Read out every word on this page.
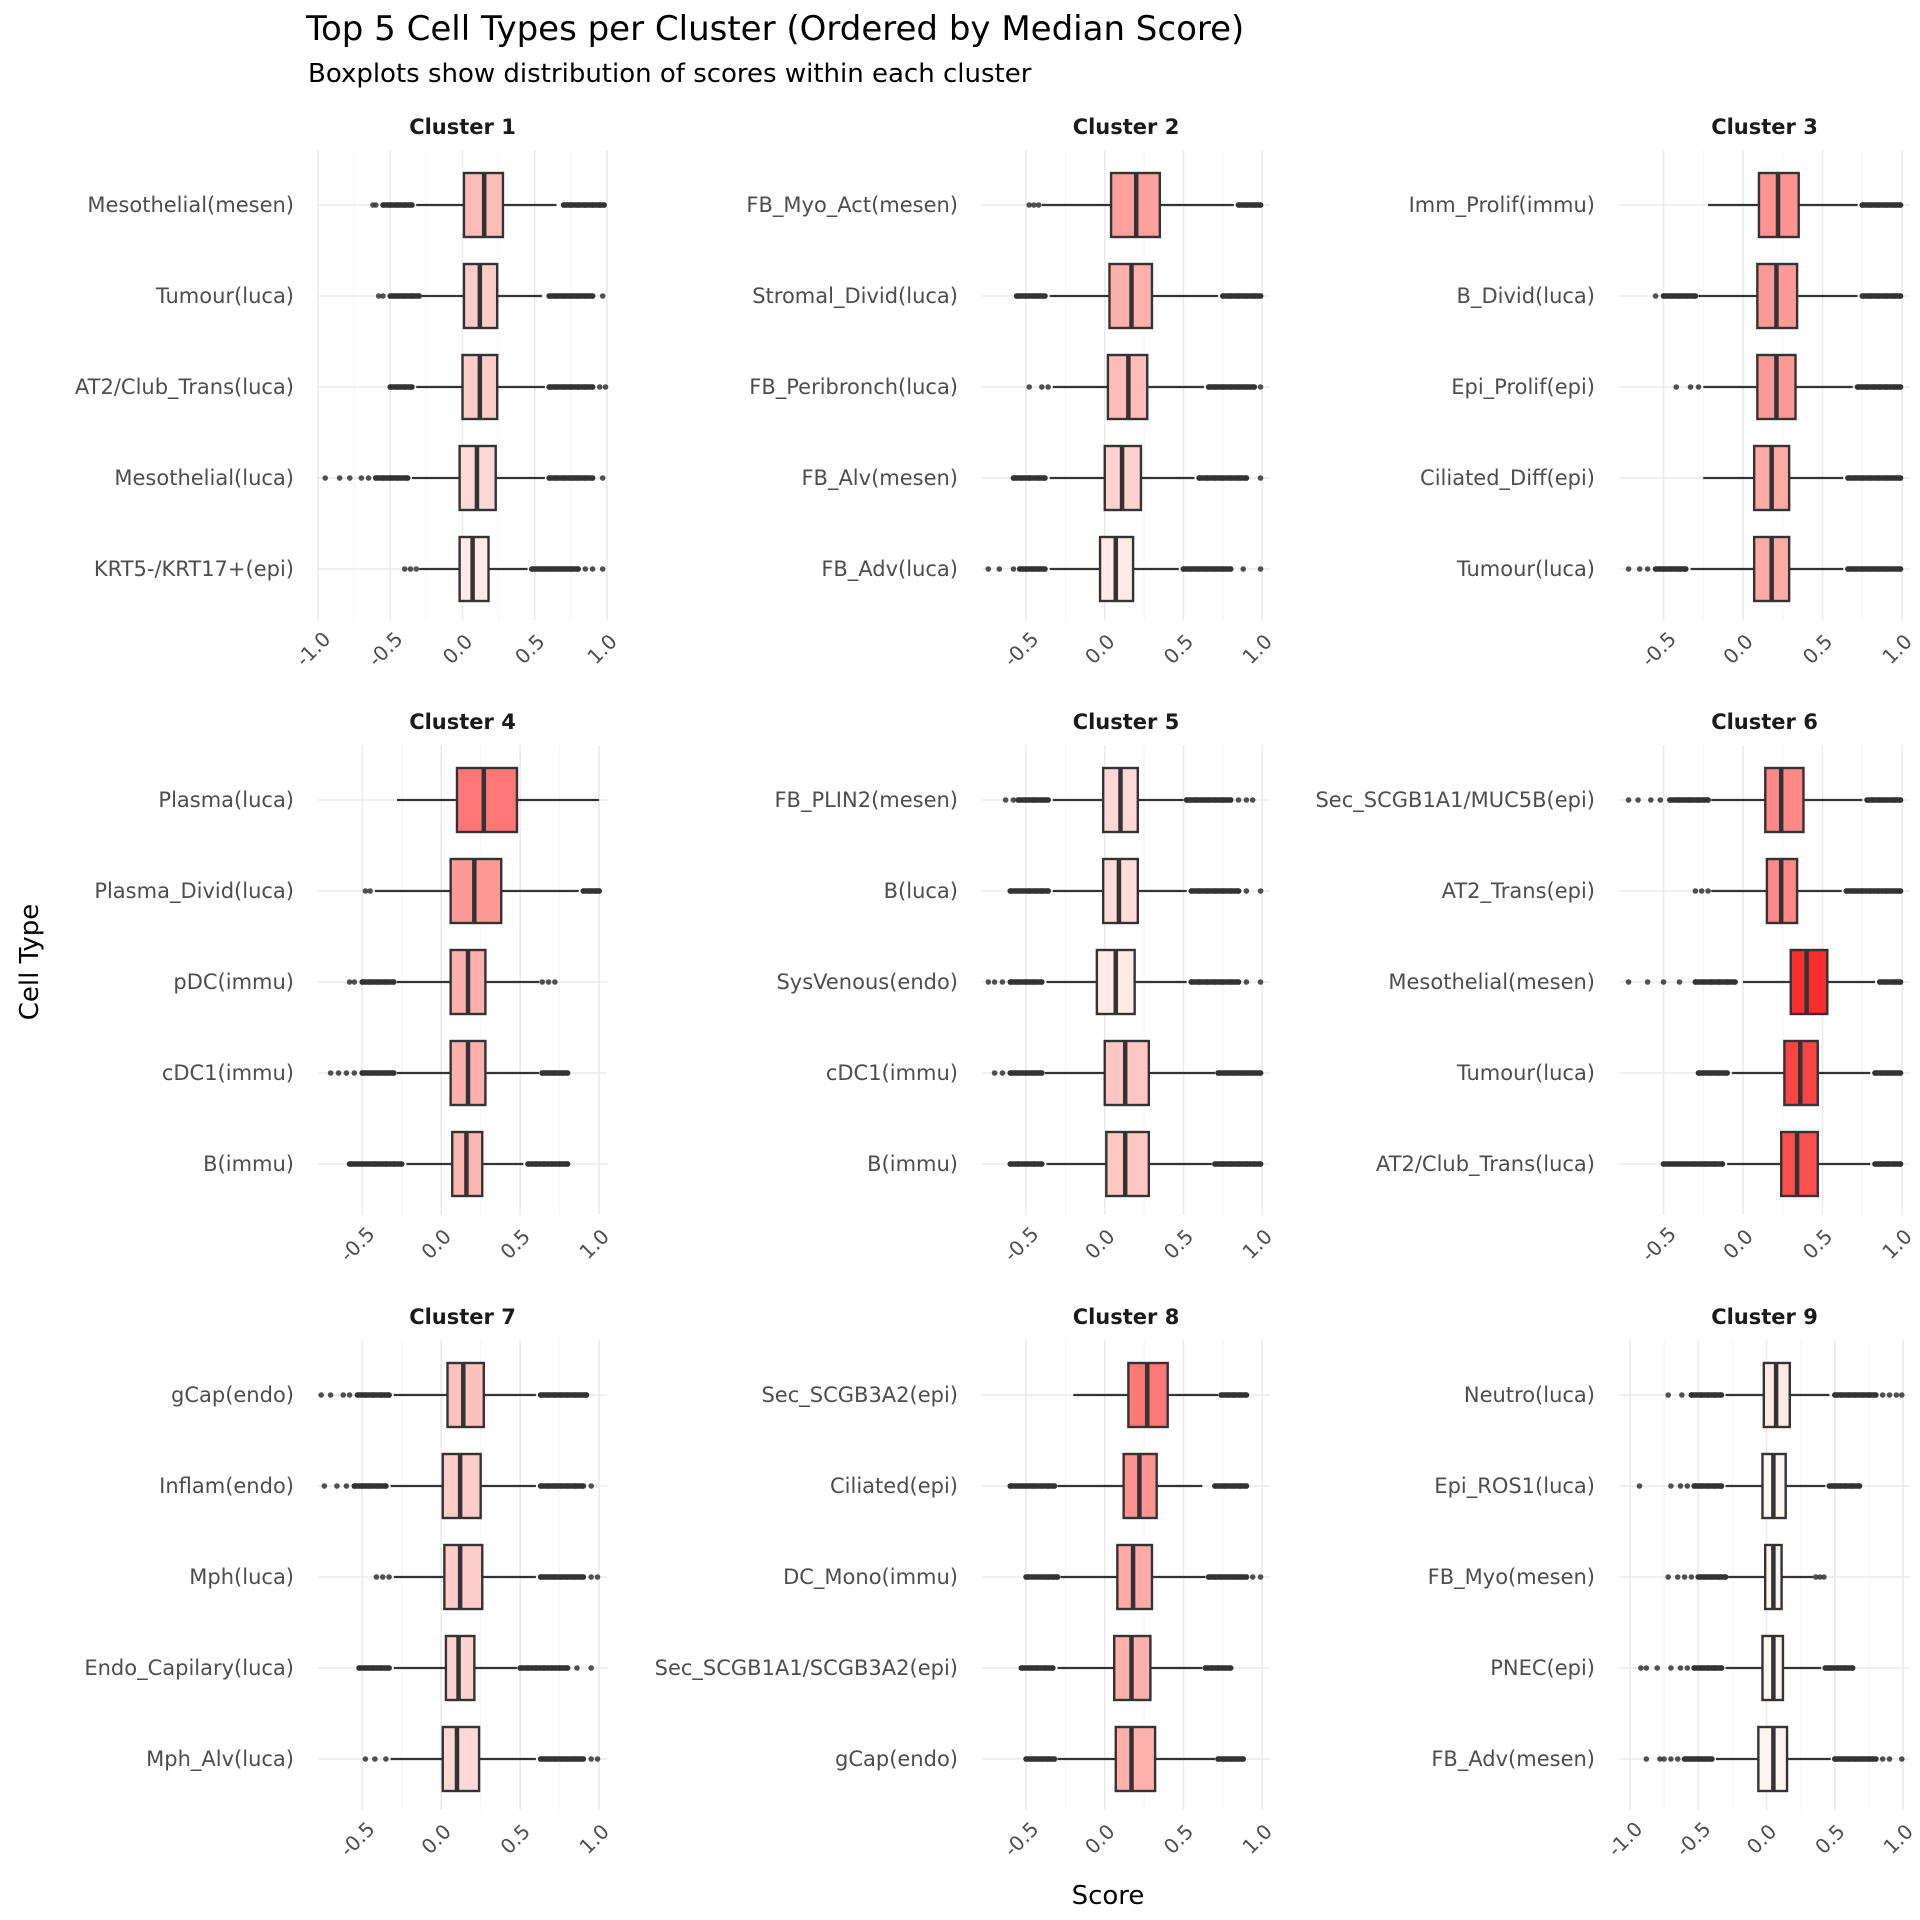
Top 5 Cell Types per Cluster (Ordered by Median Score)
Boxplots show distribution of scores within each cluster
Cell Type
Score
Cluster 1
Mesothelial(mesen)
Tumour(luca)
AT2/Club_Trans(luca)
Mesothelial(luca)
KRT5-/KRT17+(epi)
-1.0 -0.5 0.0 0.5 1.0
Cluster 2
FB_Myo_Act(mesen)
Stromal_Divid(luca)
FB_Peribronch(luca)
FB_Alv(mesen)
FB_Adv(luca)
-0.5 0.0 0.5 1.0
Cluster 3
Imm_Prolif(immu)
B_Divid(luca)
Epi_Prolif(epi)
Ciliated_Diff(epi)
Tumour(luca)
-0.5 0.0 0.5 1.0
Cluster 4
Plasma(luca)
Plasma_Divid(luca)
pDC(immu)
cDC1(immu)
B(immu)
-0.5 0.0 0.5 1.0
Cluster 5
FB_PLIN2(mesen)
B(luca)
SysVenous(endo)
cDC1(immu)
B(immu)
-0.5 0.0 0.5 1.0
Cluster 6
Sec_SCGB1A1/MUC5B(epi)
AT2_Trans(epi)
Mesothelial(mesen)
Tumour(luca)
AT2/Club_Trans(luca)
-0.5 0.0 0.5 1.0
Cluster 7
gCap(endo)
Inflam(endo)
Mph(luca)
Endo_Capilary(luca)
Mph_Alv(luca)
-0.5 0.0 0.5 1.0
Cluster 8
Sec_SCGB3A2(epi)
Ciliated(epi)
DC_Mono(immu)
Sec_SCGB1A1/SCGB3A2(epi)
gCap(endo)
-0.5 0.0 0.5 1.0
Cluster 9
Neutro(luca)
Epi_ROS1(luca)
FB_Myo(mesen)
PNEC(epi)
FB_Adv(mesen)
-1.0 -0.5 0.0 0.5 1.0
